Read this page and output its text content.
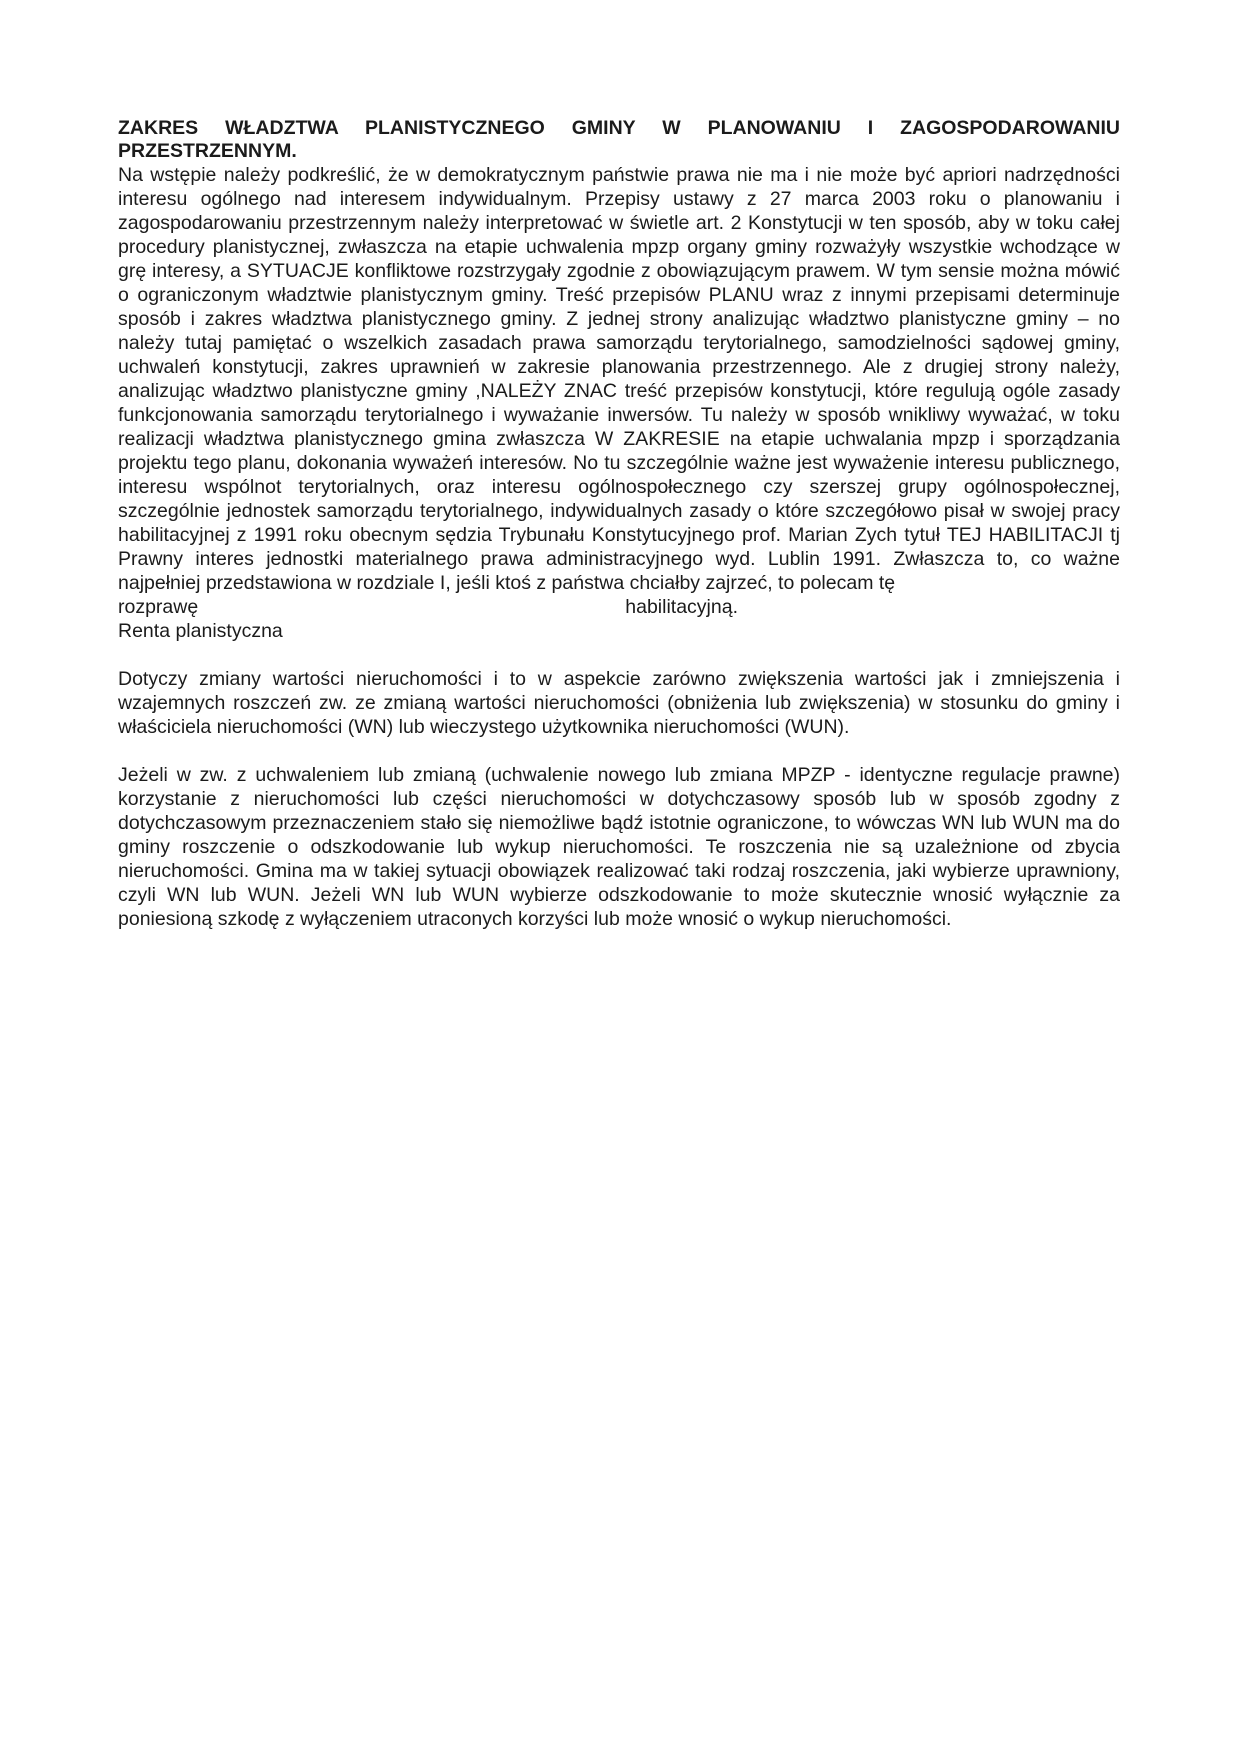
ZAKRES WŁADZTWA PLANISTYCZNEGO GMINY W PLANOWANIU I ZAGOSPODAROWANIU PRZESTRZENNYM.

Na wstępie należy podkreślić, że w demokratycznym państwie prawa nie ma i nie może być apriori nadrzędności interesu ogólnego nad interesem indywidualnym. Przepisy ustawy z 27 marca 2003 roku o planowaniu i zagospodarowaniu przestrzennym należy interpretować w świetle art. 2 Konstytucji w ten sposób, aby w toku całej procedury planistycznej, zwłaszcza na etapie uchwalenia mpzp organy gminy rozważyły wszystkie wchodzące w grę interesy, a SYTUACJE konfliktowe rozstrzygały zgodnie z obowiązującym prawem. W tym sensie można mówić o ograniczonym władztwie planistycznym gminy. Treść przepisów PLANU wraz z innymi przepisami determinuje sposób i zakres władztwa planistycznego gminy. Z jednej strony analizując władztwo planistyczne gminy – no należy tutaj pamiętać o wszelkich zasadach prawa samorządu terytorialnego, samodzielności sądowej gminy, uchwaleń konstytucji, zakres uprawnień w zakresie planowania przestrzennego. Ale z drugiej strony należy, analizując władztwo planistyczne gminy ,NALEŻY ZNAC treść przepisów konstytucji, które regulują ogóle zasady funkcjonowania samorządu terytorialnego i wyważanie inwersów. Tu należy w sposób wnikliwy wyważać, w toku realizacji władztwa planistycznego gmina zwłaszcza W ZAKRESIE na etapie uchwalania mpzp i sporządzania projektu tego planu, dokonania wyważeń interesów. No tu szczególnie ważne jest wyważenie interesu publicznego, interesu wspólnot terytorialnych, oraz interesu ogólnospołecznego czy szerszej grupy ogólnospołecznej, szczególnie jednostek samorządu terytorialnego, indywidualnych zasady o które szczegółowo pisał w swojej pracy habilitacyjnej z 1991 roku obecnym sędzia Trybunału Konstytucyjnego prof. Marian Zych tytuł TEJ HABILITACJI tj Prawny interes jednostki materialnego prawa administracyjnego wyd. Lublin 1991. Zwłaszcza to, co ważne najpełniej przedstawiona w rozdziale I, jeśli ktoś z państwa chciałby zajrzeć, to polecam tę

rozprawę	habilitacyjną.

Renta planistyczna

Dotyczy zmiany wartości nieruchomości i to w aspekcie zarówno zwiększenia wartości jak i zmniejszenia i wzajemnych roszczeń zw. ze zmianą wartości nieruchomości (obniżenia lub zwiększenia) w stosunku do gminy i właściciela nieruchomości (WN) lub wieczystego użytkownika nieruchomości (WUN).

Jeżeli w zw. z uchwaleniem lub zmianą (uchwalenie nowego lub zmiana MPZP - identyczne regulacje prawne) korzystanie z nieruchomości lub części nieruchomości w dotychczasowy sposób lub w sposób zgodny z dotychczasowym przeznaczeniem stało się niemożliwe bądź istotnie ograniczone, to wówczas WN lub WUN ma do gminy roszczenie o odszkodowanie lub wykup nieruchomości. Te roszczenia nie są uzależnione od zbycia nieruchomości. Gmina ma w takiej sytuacji obowiązek realizować taki rodzaj roszczenia, jaki wybierze uprawniony, czyli WN lub WUN. Jeżeli WN lub WUN wybierze odszkodowanie to może skutecznie wnosić wyłącznie za poniesioną szkodę z wyłączeniem utraconych korzyści lub może wnosić o wykup nieruchomości.
